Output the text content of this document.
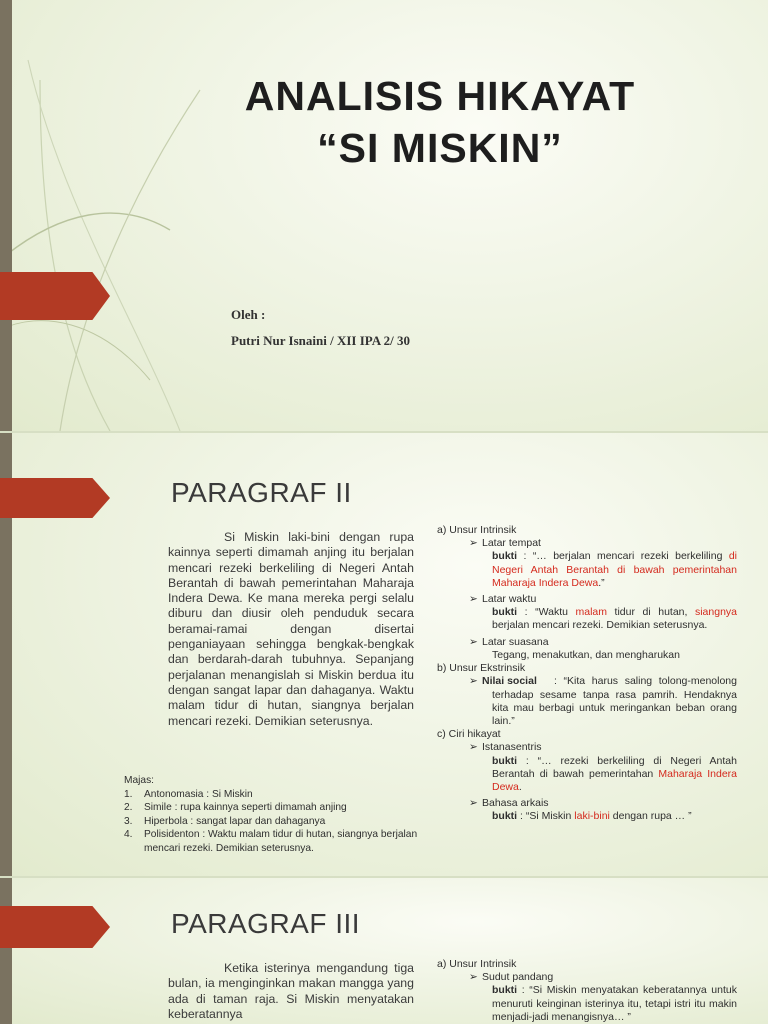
ANALISIS HIKAYAT
“SI MISKIN”
Oleh :
Putri Nur Isnaini / XII IPA 2/ 30
PARAGRAF II
Si Miskin laki-bini dengan rupa kainnya seperti dimamah anjing itu berjalan mencari rezeki berkeliling di Negeri Antah Berantah di bawah pemerintahan Maharaja Indera Dewa. Ke mana mereka pergi selalu diburu dan diusir oleh penduduk secara beramai-ramai dengan disertai penganiayaan sehingga bengkak-bengkak dan berdarah-darah tubuhnya. Sepanjang perjalanan menangislah si Miskin berdua itu dengan sangat lapar dan dahaganya. Waktu malam tidur di hutan, siangnya berjalan mencari rezeki. Demikian seterusnya.
Majas:
1.	Antonomasia : Si Miskin
2.	Simile : rupa kainnya seperti dimamah anjing
3.	Hiperbola : sangat lapar dan dahaganya
4.	Polisidenton : Waktu malam tidur di hutan, siangnya berjalan mencari rezeki. Demikian seterusnya.
a) Unsur Intrinsik
➢ Latar tempat
bukti : “… berjalan mencari rezeki berkeliling di Negeri Antah Berantah di bawah pemerintahan Maharaja Indera Dewa.”
➢ Latar waktu
bukti : “Waktu malam tidur di hutan, siangnya berjalan mencari rezeki. Demikian seterusnya.
➢ Latar suasana
Tegang, menakutkan, dan mengharukan
b) Unsur Ekstrinsik
➢ Nilai social	: “Kita harus saling tolong-menolong terhadap sesame tanpa rasa pamrih. Hendaknya kita mau berbagi untuk meringankan beban orang lain.”
c) Ciri hikayat
➢ Istanasentris
bukti : “… rezeki berkeliling di Negeri Antah Berantah di bawah pemerintahan Maharaja Indera Dewa.
➢ Bahasa arkais
bukti : “Si Miskin laki-bini dengan rupa … ”
PARAGRAF III
Ketika isterinya mengandung tiga bulan, ia menginginkan makan mangga yang ada di taman raja. Si Miskin menyatakan keberatannya
a) Unsur Intrinsik
➢ Sudut pandang
bukti : “Si Miskin menyatakan keberatannya untuk menuruti keinginan isterinya itu, tetapi istri itu makin menjadi-jadi menangisnya… ”
